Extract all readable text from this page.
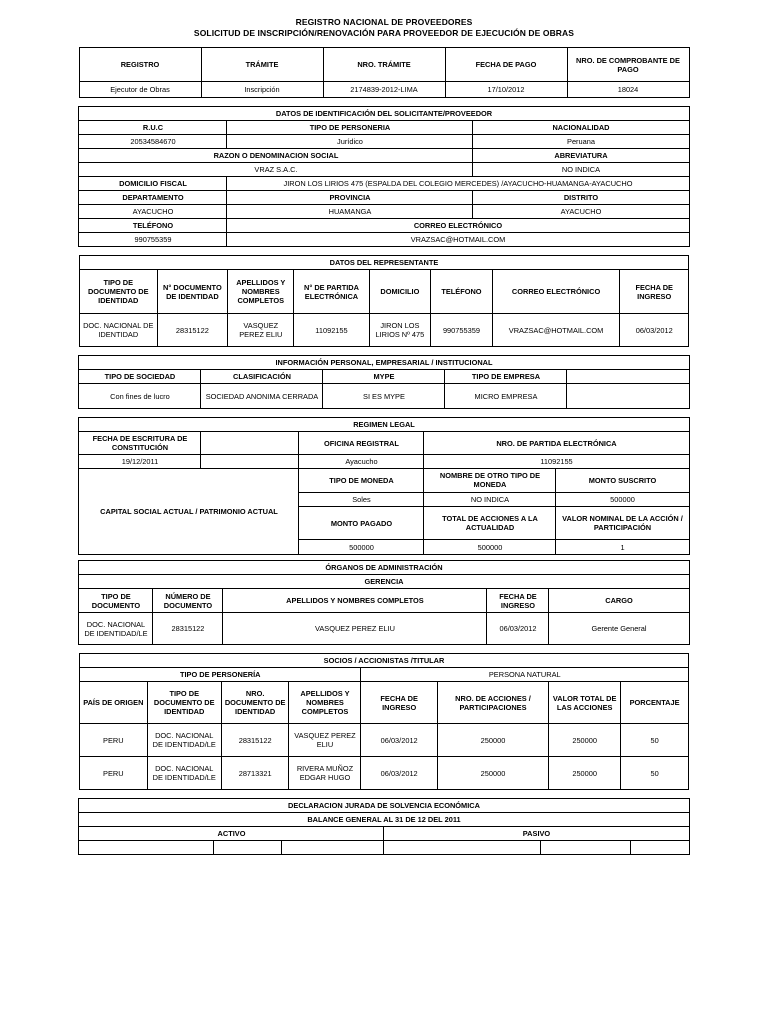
REGISTRO NACIONAL DE PROVEEDORES
SOLICITUD DE INSCRIPCIÓN/RENOVACIÓN PARA PROVEEDOR DE EJECUCIÓN DE OBRAS
REGISTRO	TRÁMITE	NRO. TRÁMITE	FECHA DE PAGO	NRO. DE COMPROBANTE DE PAGO
Ejecutor de Obras	Inscripción	2174839-2012-LIMA	17/10/2012	18024
DATOS DE IDENTIFICACIÓN DEL SOLICITANTE/PROVEEDOR		
R.U.C	TIPO DE PERSONERIA	NACIONALIDAD
20534584670	Jurídico	Peruana
RAZON O DENOMINACION SOCIAL		ABREVIATURA
VRAZ S.A.C.		NO INDICA
DOMICILIO FISCAL	JIRON LOS LIRIOS 475 (ESPALDA DEL COLEGIO MERCEDES) /AYACUCHO-HUAMANGA-AYACUCHO	
DEPARTAMENTO	PROVINCIA	DISTRITO
AYACUCHO	HUAMANGA	AYACUCHO
TELÉFONO	CORREO ELECTRÓNICO	
990755359	VRAZSAC@HOTMAIL.COM	
DATOS DEL REPRESENTANTE							
TIPO DE DOCUMENTO DE IDENTIDAD	N° DOCUMENTO DE IDENTIDAD	APELLIDOS Y NOMBRES COMPLETOS	N° DE PARTIDA ELECTRÓNICA	DOMICILIO	TELÉFONO	CORREO ELECTRÓNICO	FECHA DE INGRESO
DOC. NACIONAL DE IDENTIDAD	28315122	VASQUEZ PEREZ ELIU	11092155	JIRON LOS LIRIOS Nº 475	990755359	VRAZSAC@HOTMAIL.COM	06/03/2012
INFORMACIÓN PERSONAL, EMPRESARIAL / INSTITUCIONAL				
TIPO DE SOCIEDAD	CLASIFICACIÓN	MYPE	TIPO DE EMPRESA	
Con fines de lucro	SOCIEDAD ANONIMA CERRADA	SI ES MYPE	MICRO EMPRESA	
REGIMEN LEGAL				
FECHA DE ESCRITURA DE CONSTITUCIÓN		OFICINA REGISTRAL	NRO. DE PARTIDA ELECTRÓNICA	
19/12/2011		Ayacucho	11092155	
CAPITAL SOCIAL ACTUAL / PATRIMONIO ACTUAL		TIPO DE MONEDA	NOMBRE DE OTRO TIPO DE MONEDA	MONTO SUSCRITO
		Soles	NO INDICA	500000
		MONTO PAGADO	TOTAL DE ACCIONES A LA ACTUALIDAD	VALOR NOMINAL DE LA ACCIÓN / PARTICIPACIÓN
		500000	500000	1
ÓRGANOS DE ADMINISTRACIÓN				
GERENCIA				
TIPO DE DOCUMENTO	NÚMERO DE DOCUMENTO	APELLIDOS Y NOMBRES COMPLETOS	FECHA DE INGRESO	CARGO
DOC. NACIONAL DE IDENTIDAD/LE	28315122	VASQUEZ PEREZ ELIU	06/03/2012	Gerente General
SOCIOS / ACCIONISTAS /TITULAR							
TIPO DE PERSONERÍA				PERSONA NATURAL			
PAÍS DE ORIGEN	TIPO DE DOCUMENTO DE IDENTIDAD	NRO. DOCUMENTO DE IDENTIDAD	APELLIDOS Y NOMBRES COMPLETOS	FECHA DE INGRESO	NRO. DE ACCIONES / PARTICIPACIONES	VALOR TOTAL DE LAS ACCIONES	PORCENTAJE
PERU	DOC. NACIONAL DE IDENTIDAD/LE	28315122	VASQUEZ PEREZ ELIU	06/03/2012	250000	250000	50
PERU	DOC. NACIONAL DE IDENTIDAD/LE	28713321	RIVERA MUÑOZ EDGAR HUGO	06/03/2012	250000	250000	50
DECLARACION JURADA DE SOLVENCIA ECONÓMICA					
BALANCE GENERAL AL 31 DE 12 DEL 2011					
ACTIVO			PASIVO		
